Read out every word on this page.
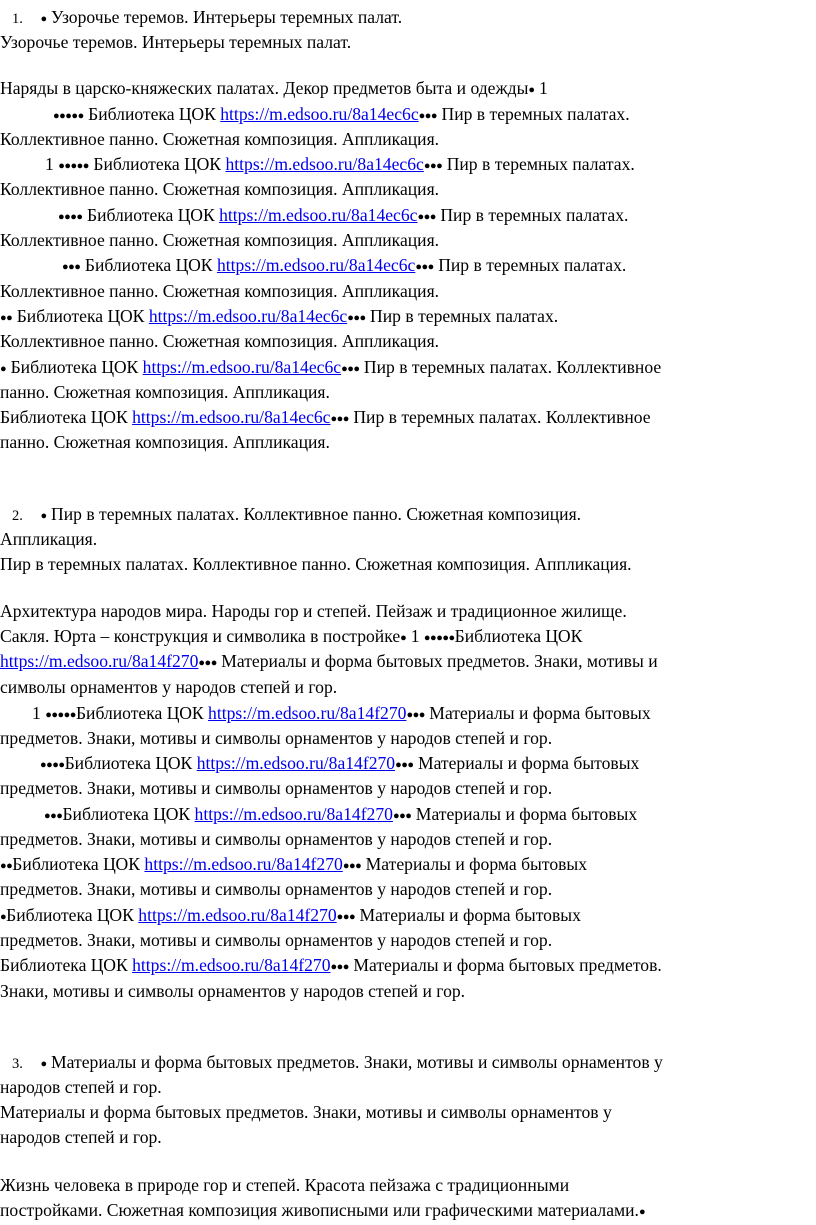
1. ● Узорочье теремов. Интерьеры теремных палат.
Узорочье теремов. Интерьеры теремных палат.
Наряды в царско-княжеских палатах. Декор предметов быта и одежды● 1
●●●●● Библиотека ЦОК https://m.edsoo.ru/8a14ec6c●●● Пир в теремных палатах.
Коллективное панно. Сюжетная композиция. Аппликация.
1 ●●●●● Библиотека ЦОК https://m.edsoo.ru/8a14ec6c●●● Пир в теремных палатах.
Коллективное панно. Сюжетная композиция. Аппликация.
●●●● Библиотека ЦОК https://m.edsoo.ru/8a14ec6c●●● Пир в теремных палатах.
Коллективное панно. Сюжетная композиция. Аппликация.
●●● Библиотека ЦОК https://m.edsoo.ru/8a14ec6c●●● Пир в теремных палатах.
Коллективное панно. Сюжетная композиция. Аппликация.
●● Библиотека ЦОК https://m.edsoo.ru/8a14ec6c●●● Пир в теремных палатах.
Коллективное панно. Сюжетная композиция. Аппликация.
● Библиотека ЦОК https://m.edsoo.ru/8a14ec6c●●● Пир в теремных палатах. Коллективное
панно. Сюжетная композиция. Аппликация.
Библиотека ЦОК https://m.edsoo.ru/8a14ec6c●●● Пир в теремных палатах. Коллективное
панно. Сюжетная композиция. Аппликация.
2. ● Пир в теремных палатах. Коллективное панно. Сюжетная композиция.
Аппликация.
Пир в теремных палатах. Коллективное панно. Сюжетная композиция. Аппликация.
Архитектура народов мира. Народы гор и степей. Пейзаж и традиционное жилище.
Сакля. Юрта – конструкция и символика в постройке● 1 ●●●●●Библиотека ЦОК
https://m.edsoo.ru/8a14f270●●● Материалы и форма бытовых предметов. Знаки, мотивы и
символы орнаментов у народов степей и гор.
1 ●●●●●Библиотека ЦОК https://m.edsoo.ru/8a14f270●●● Материалы и форма бытовых
предметов. Знаки, мотивы и символы орнаментов у народов степей и гор.
●●●●Библиотека ЦОК https://m.edsoo.ru/8a14f270●●● Материалы и форма бытовых
предметов. Знаки, мотивы и символы орнаментов у народов степей и гор.
●●●Библиотека ЦОК https://m.edsoo.ru/8a14f270●●● Материалы и форма бытовых
предметов. Знаки, мотивы и символы орнаментов у народов степей и гор.
●●Библиотека ЦОК https://m.edsoo.ru/8a14f270●●● Материалы и форма бытовых
предметов. Знаки, мотивы и символы орнаментов у народов степей и гор.
●Библиотека ЦОК https://m.edsoo.ru/8a14f270●●● Материалы и форма бытовых
предметов. Знаки, мотивы и символы орнаментов у народов степей и гор.
Библиотека ЦОК https://m.edsoo.ru/8a14f270●●● Материалы и форма бытовых предметов.
Знаки, мотивы и символы орнаментов у народов степей и гор.
3. ● Материалы и форма бытовых предметов. Знаки, мотивы и символы орнаментов у
народов степей и гор.
Материалы и форма бытовых предметов. Знаки, мотивы и символы орнаментов у
народов степей и гор.
Жизнь человека в природе гор и степей. Красота пейзажа с традиционными
постройками. Сюжетная композиция живописными или графическими материалами.●
